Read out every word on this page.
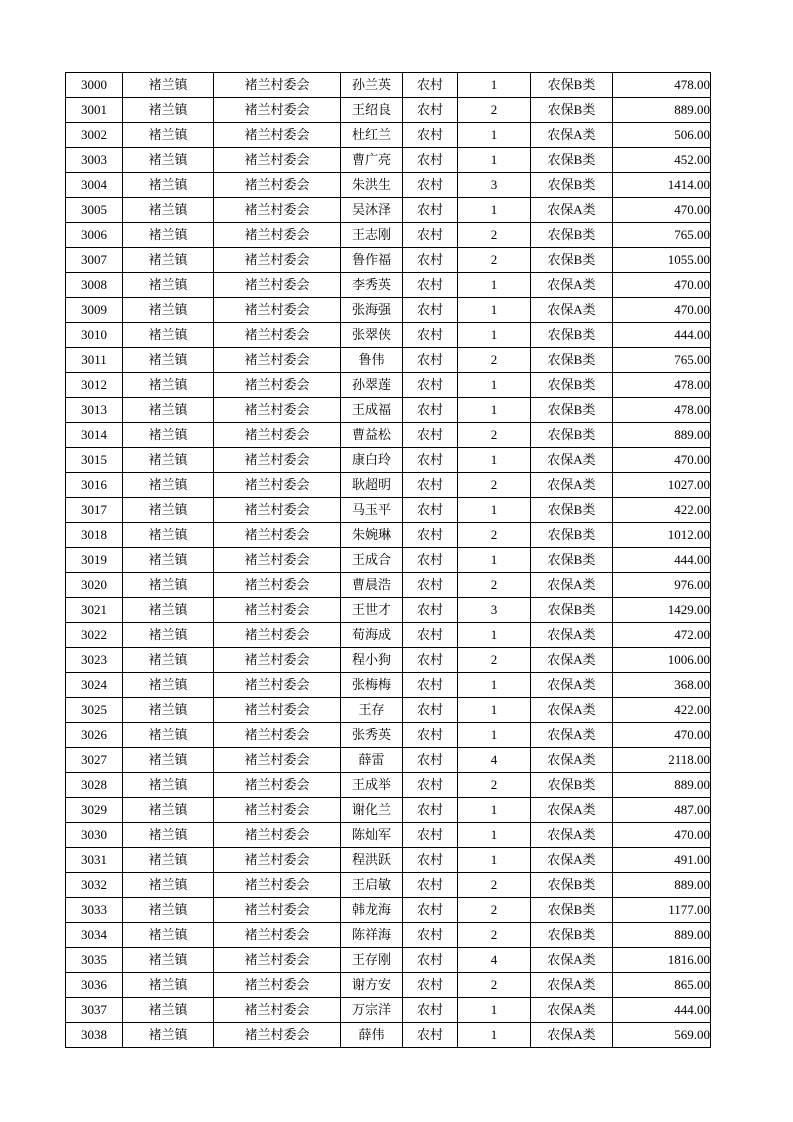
3000	褚兰镇	褚兰村委会	孙兰英	农村	1	农保B类	478.00
3001	褚兰镇	褚兰村委会	王绍良	农村	2	农保B类	889.00
3002	褚兰镇	褚兰村委会	杜红兰	农村	1	农保A类	506.00
3003	褚兰镇	褚兰村委会	曹广亮	农村	1	农保B类	452.00
3004	褚兰镇	褚兰村委会	朱洪生	农村	3	农保B类	1414.00
3005	褚兰镇	褚兰村委会	吴沐泽	农村	1	农保A类	470.00
3006	褚兰镇	褚兰村委会	王志刚	农村	2	农保B类	765.00
3007	褚兰镇	褚兰村委会	鲁作福	农村	2	农保B类	1055.00
3008	褚兰镇	褚兰村委会	李秀英	农村	1	农保A类	470.00
3009	褚兰镇	褚兰村委会	张海强	农村	1	农保A类	470.00
3010	褚兰镇	褚兰村委会	张翠侠	农村	1	农保B类	444.00
3011	褚兰镇	褚兰村委会	鲁伟	农村	2	农保B类	765.00
3012	褚兰镇	褚兰村委会	孙翠莲	农村	1	农保B类	478.00
3013	褚兰镇	褚兰村委会	王成福	农村	1	农保B类	478.00
3014	褚兰镇	褚兰村委会	曹益松	农村	2	农保B类	889.00
3015	褚兰镇	褚兰村委会	康白玲	农村	1	农保A类	470.00
3016	褚兰镇	褚兰村委会	耿超明	农村	2	农保A类	1027.00
3017	褚兰镇	褚兰村委会	马玉平	农村	1	农保B类	422.00
3018	褚兰镇	褚兰村委会	朱婉琳	农村	2	农保B类	1012.00
3019	褚兰镇	褚兰村委会	王成合	农村	1	农保B类	444.00
3020	褚兰镇	褚兰村委会	曹晨浩	农村	2	农保A类	976.00
3021	褚兰镇	褚兰村委会	王世才	农村	3	农保B类	1429.00
3022	褚兰镇	褚兰村委会	荀海成	农村	1	农保A类	472.00
3023	褚兰镇	褚兰村委会	程小狗	农村	2	农保A类	1006.00
3024	褚兰镇	褚兰村委会	张梅梅	农村	1	农保A类	368.00
3025	褚兰镇	褚兰村委会	王存	农村	1	农保A类	422.00
3026	褚兰镇	褚兰村委会	张秀英	农村	1	农保A类	470.00
3027	褚兰镇	褚兰村委会	薛雷	农村	4	农保A类	2118.00
3028	褚兰镇	褚兰村委会	王成举	农村	2	农保B类	889.00
3029	褚兰镇	褚兰村委会	谢化兰	农村	1	农保A类	487.00
3030	褚兰镇	褚兰村委会	陈灿军	农村	1	农保A类	470.00
3031	褚兰镇	褚兰村委会	程洪跃	农村	1	农保A类	491.00
3032	褚兰镇	褚兰村委会	王启敏	农村	2	农保B类	889.00
3033	褚兰镇	褚兰村委会	韩龙海	农村	2	农保B类	1177.00
3034	褚兰镇	褚兰村委会	陈祥海	农村	2	农保B类	889.00
3035	褚兰镇	褚兰村委会	王存刚	农村	4	农保A类	1816.00
3036	褚兰镇	褚兰村委会	谢方安	农村	2	农保A类	865.00
3037	褚兰镇	褚兰村委会	万宗洋	农村	1	农保A类	444.00
3038	褚兰镇	褚兰村委会	薛伟	农村	1	农保A类	569.00
